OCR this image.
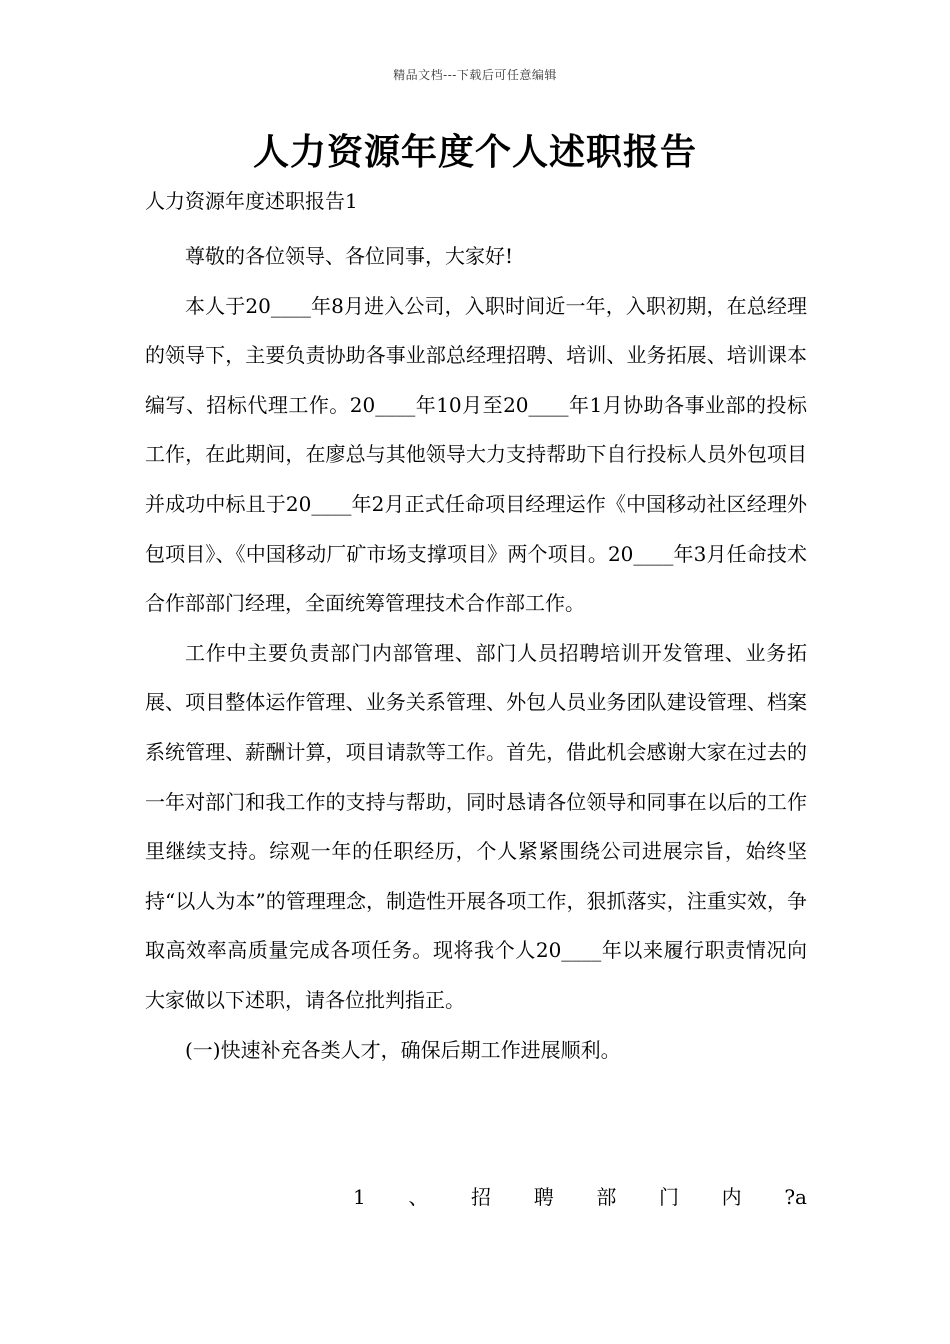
精品文档---下载后可任意编辑
人力资源年度个人述职报告
人力资源年度述职报告1

尊敬的各位领导、各位同事，大家好!

本人于20____年8月进入公司，入职时间近一年，入职初期，在总经理的领导下，主要负责协助各事业部总经理招聘、培训、业务拓展、培训课本编写、招标代理工作。20____年10月至20____年1月协助各事业部的投标工作，在此期间，在廖总与其他领导大力支持帮助下自行投标人员外包项目并成功中标且于20____年2月正式任命项目经理运作《中国移动社区经理外包项目》、《中国移动厂矿市场支撑项目》两个项目。20____年3月任命技术合作部部门经理，全面统筹管理技术合作部工作。

工作中主要负责部门内部管理、部门人员招聘培训开发管理、业务拓展、项目整体运作管理、业务关系管理、外包人员业务团队建设管理、档案系统管理、薪酬计算，项目请款等工作。首先，借此机会感谢大家在过去的一年对部门和我工作的支持与帮助，同时恳请各位领导和同事在以后的工作里继续支持。综观一年的任职经历，个人紧紧围绕公司进展宗旨，始终坚持“以人为本”的管理理念，制造性开展各项工作，狠抓落实，注重实效，争取高效率高质量完成各项任务。现将我个人20____年以来履行职责情况向大家做以下述职，请各位批判指正。

(一)快速补充各类人才，确保后期工作进展顺利。

1 、 招 聘 部 门 内 ?a
